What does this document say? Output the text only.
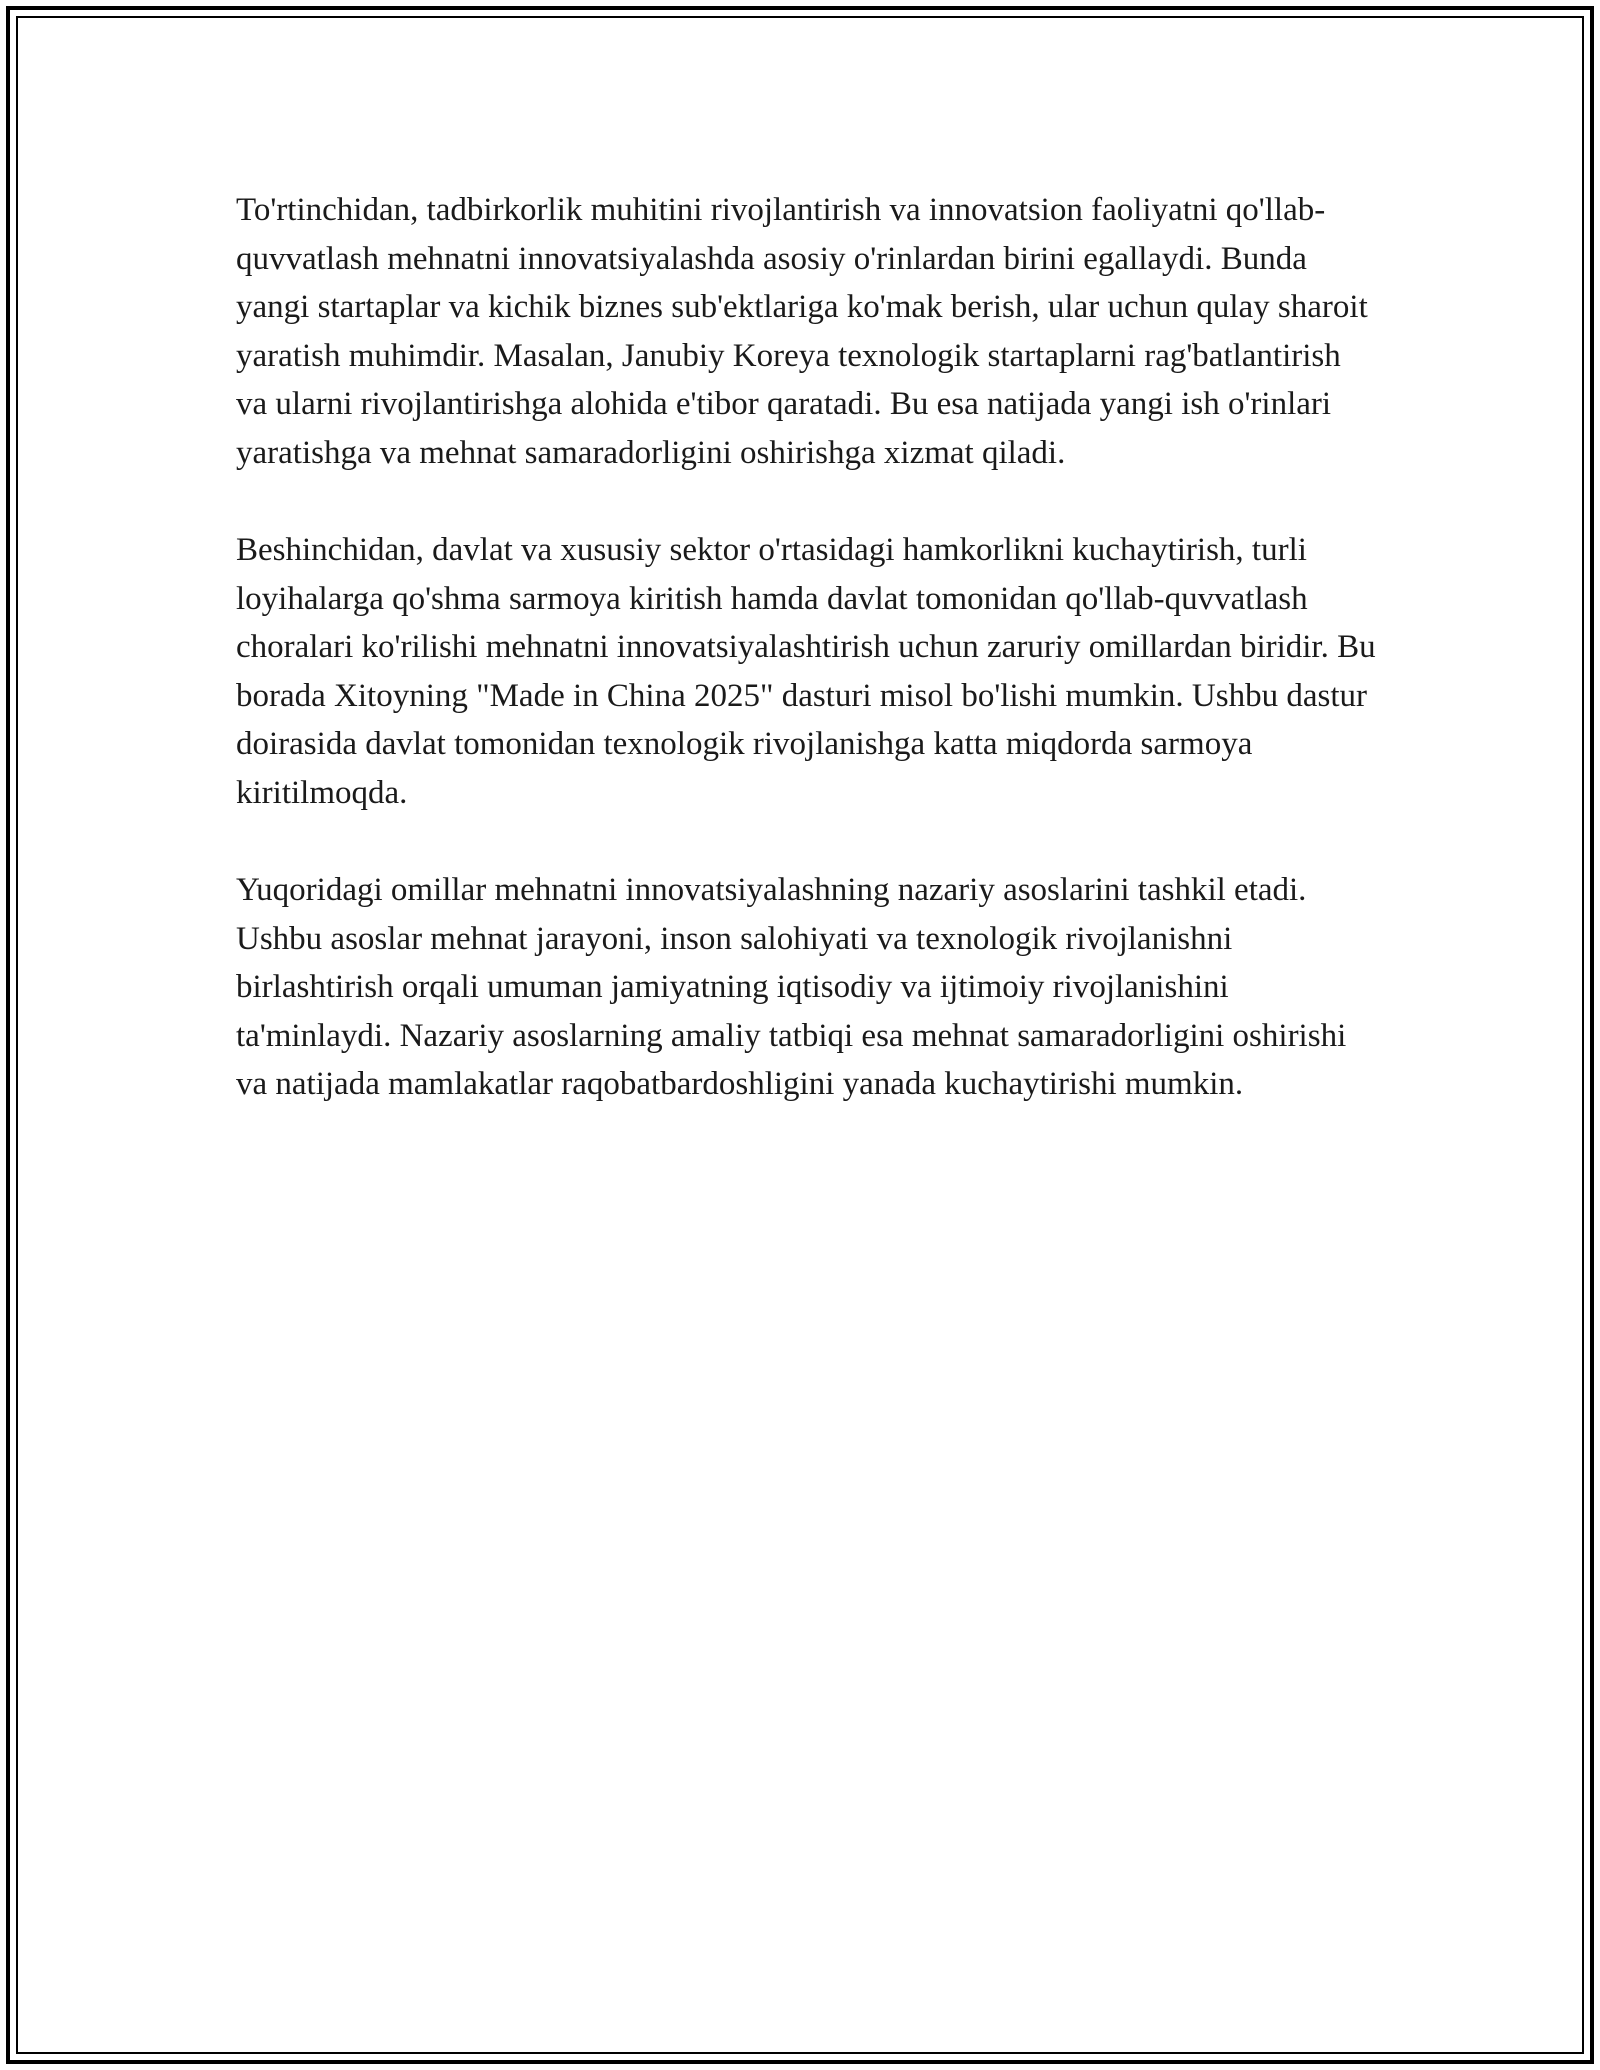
To'rtinchidan, tadbirkorlik muhitini rivojlantirish va innovatsion faoliyatni qo'llab-quvvatlash mehnatni innovatsiyalashda asosiy o'rinlardan birini egallaydi. Bunda yangi startaplar va kichik biznes sub'ektlariga ko'mak berish, ular uchun qulay sharoit yaratish muhimdir. Masalan, Janubiy Koreya texnologik startaplarni rag'batlantirish va ularni rivojlantirishga alohida e'tibor qaratadi. Bu esa natijada yangi ish o'rinlari yaratishga va mehnat samaradorligini oshirishga xizmat qiladi.

Beshinchidan, davlat va xususiy sektor o'rtasidagi hamkorlikni kuchaytirish, turli loyihalarga qo'shma sarmoya kiritish hamda davlat tomonidan qo'llab-quvvatlash choralari ko'rilishi mehnatni innovatsiyalashtirish uchun zaruriy omillardan biridir. Bu borada Xitoyning "Made in China 2025" dasturi misol bo'lishi mumkin. Ushbu dastur doirasida davlat tomonidan texnologik rivojlanishga katta miqdorda sarmoya kiritilmoqda.

Yuqoridagi omillar mehnatni innovatsiyalashning nazariy asoslarini tashkil etadi. Ushbu asoslar mehnat jarayoni, inson salohiyati va texnologik rivojlanishni birlashtirish orqali umuman jamiyatning iqtisodiy va ijtimoiy rivojlanishini ta'minlaydi. Nazariy asoslarning amaliy tatbiqi esa mehnat samaradorligini oshirishi va natijada mamlakatlar raqobatbardoshligini yanada kuchaytirishi mumkin.
